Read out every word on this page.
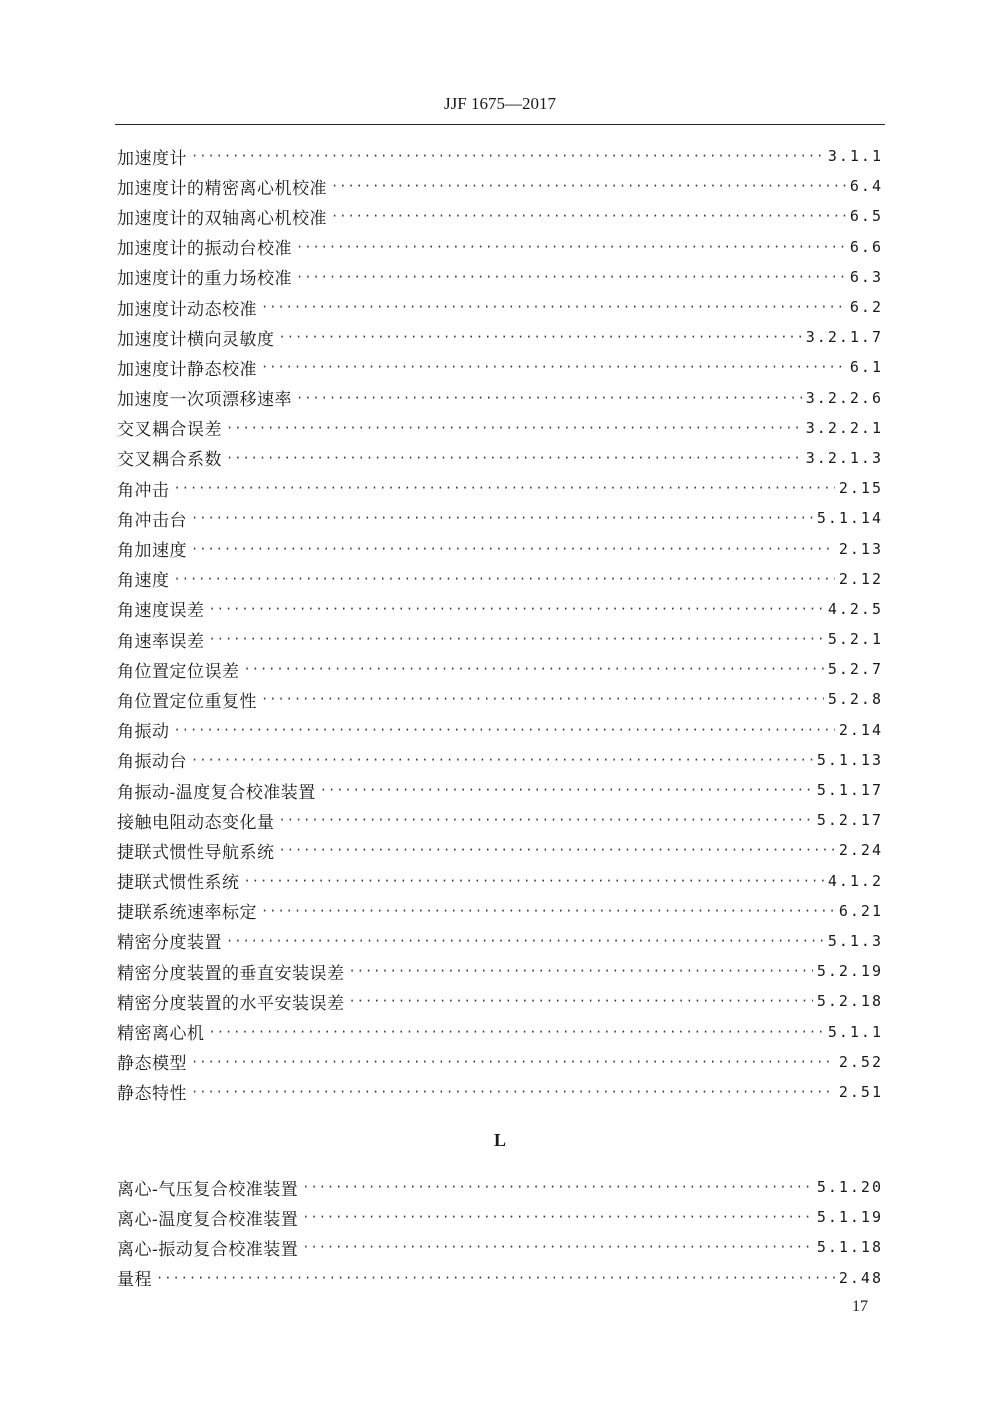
JJF 1675—2017
加速度计 ·····	3.1.1
加速度计的精密离心机校准 ·····	6.4
加速度计的双轴离心机校准 ·····	6.5
加速度计的振动台校准 ·····	6.6
加速度计的重力场校准 ·····	6.3
加速度计动态校准 ·····	6.2
加速度计横向灵敏度 ·····	3.2.1.7
加速度计静态校准 ·····	6.1
加速度一次项漂移速率 ·····	3.2.2.6
交叉耦合误差 ·····	3.2.2.1
交叉耦合系数 ·····	3.2.1.3
角冲击 ·····	2.15
角冲击台 ·····	5.1.14
角加速度 ·····	2.13
角速度 ·····	2.12
角速度误差 ·····	4.2.5
角速率误差 ·····	5.2.1
角位置定位误差 ·····	5.2.7
角位置定位重复性 ·····	5.2.8
角振动 ·····	2.14
角振动台 ·····	5.1.13
角振动-温度复合校准装置 ·····	5.1.17
接触电阻动态变化量 ·····	5.2.17
捷联式惯性导航系统 ·····	2.24
捷联式惯性系统 ·····	4.1.2
捷联系统速率标定 ·····	6.21
精密分度装置 ·····	5.1.3
精密分度装置的垂直安装误差 ·····	5.2.19
精密分度装置的水平安装误差 ·····	5.2.18
精密离心机 ·····	5.1.1
静态模型 ·····	2.52
静态特性 ·····	2.51
L
离心-气压复合校准装置 ·····	5.1.20
离心-温度复合校准装置 ·····	5.1.19
离心-振动复合校准装置 ·····	5.1.18
量程 ·····	2.48
17
